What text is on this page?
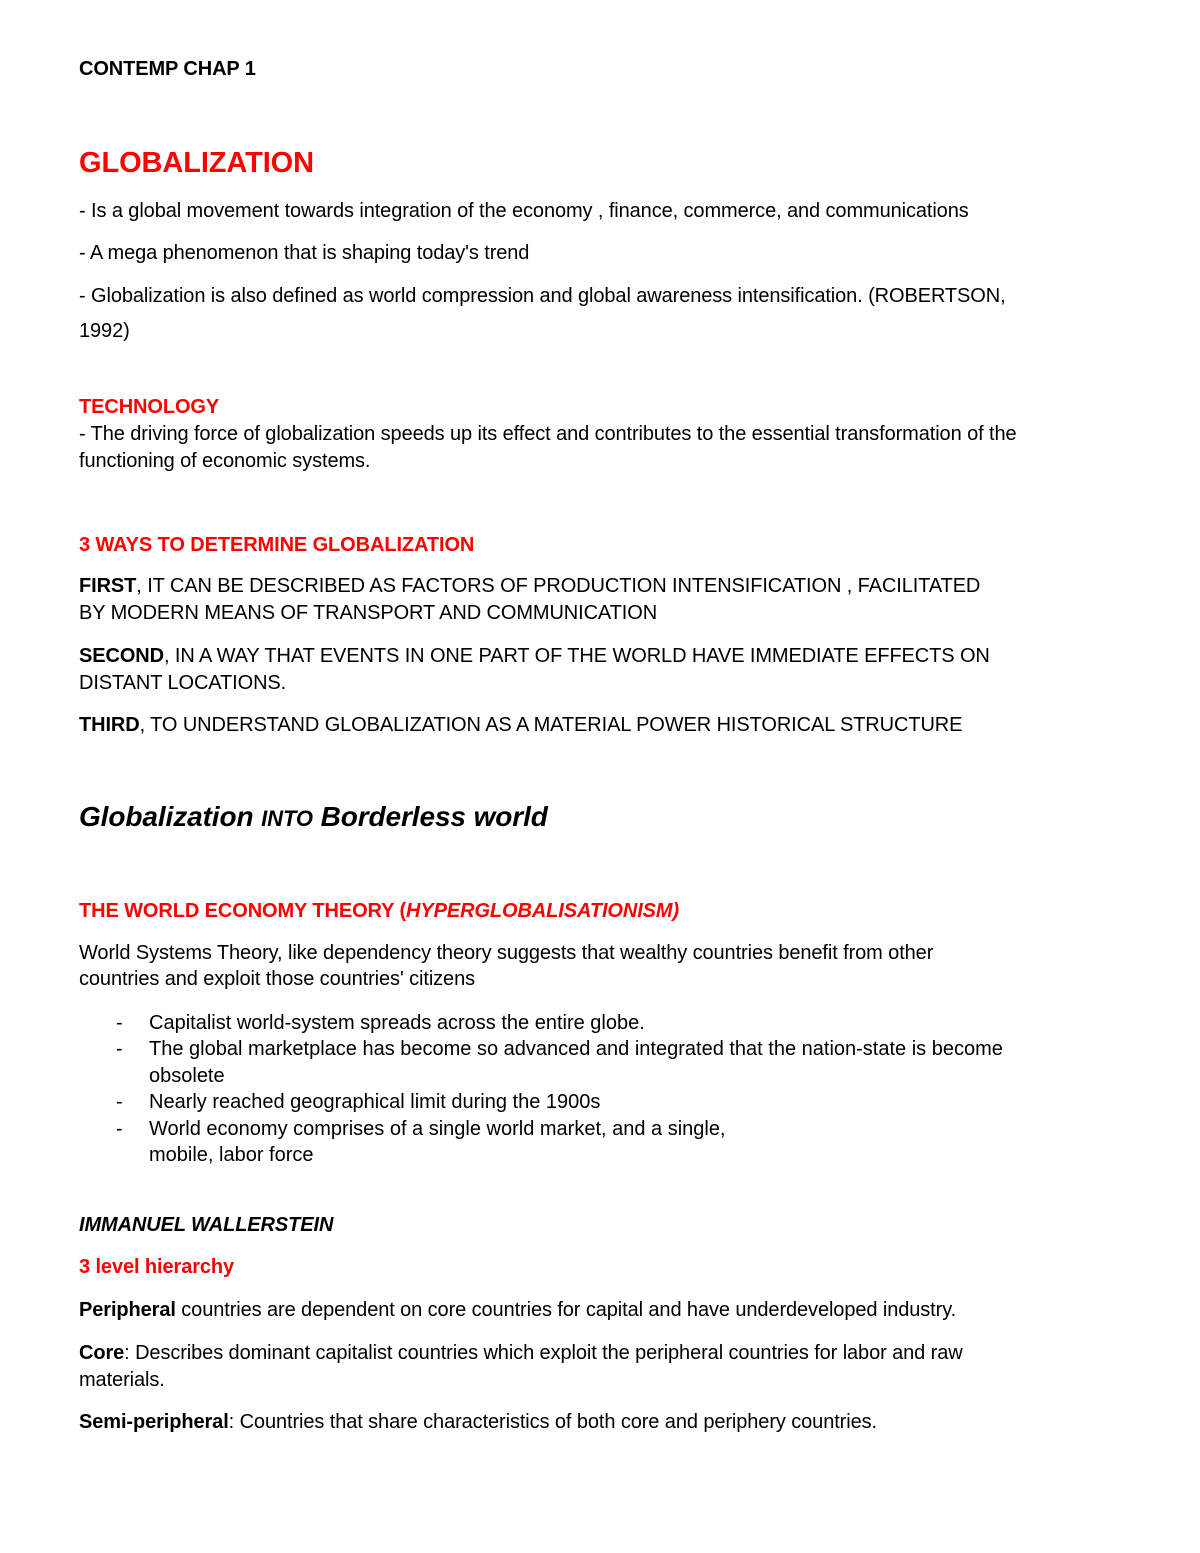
CONTEMP CHAP 1
GLOBALIZATION
- Is a global movement towards integration of the economy , finance, commerce, and communications
- A mega phenomenon that is shaping today's trend
- Globalization is also defined as world compression and global awareness intensification. (ROBERTSON,
1992)
TECHNOLOGY
- The driving force of globalization speeds up its effect and contributes to the essential transformation of the
functioning of economic systems.
3 WAYS TO DETERMINE GLOBALIZATION
FIRST, IT CAN BE DESCRIBED AS FACTORS OF PRODUCTION INTENSIFICATION , FACILITATED
BY MODERN MEANS OF TRANSPORT AND COMMUNICATION
SECOND, IN A WAY THAT EVENTS IN ONE PART OF THE WORLD HAVE IMMEDIATE EFFECTS ON
DISTANT LOCATIONS.
THIRD, TO UNDERSTAND GLOBALIZATION AS A MATERIAL POWER HISTORICAL STRUCTURE
Globalization INTO Borderless world
THE WORLD ECONOMY THEORY (HYPERGLOBALISATIONISM)
World Systems Theory, like dependency theory suggests that wealthy countries benefit from other
countries and exploit those countries' citizens
- Capitalist world-system spreads across the entire globe.
- The global marketplace has become so advanced and integrated that the nation-state is become
obsolete
- Nearly reached geographical limit during the 1900s
- World economy comprises of a single world market, and a single,
mobile, labor force
IMMANUEL WALLERSTEIN
3 level hierarchy
Peripheral countries are dependent on core countries for capital and have underdeveloped industry.
Core: Describes dominant capitalist countries which exploit the peripheral countries for labor and raw
materials.
Semi-peripheral: Countries that share characteristics of both core and periphery countries.
